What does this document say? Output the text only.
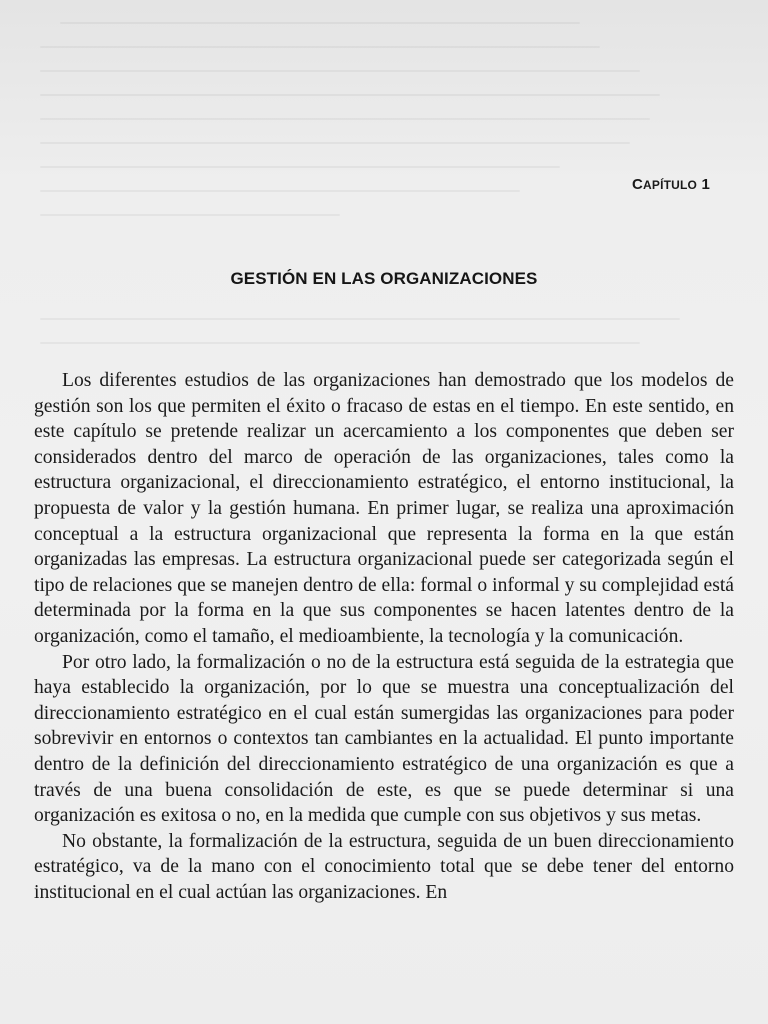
CAPÍTULO 1
GESTIÓN EN LAS ORGANIZACIONES

Los diferentes estudios de las organizaciones han demostrado que los modelos de gestión son los que permiten el éxito o fracaso de estas en el tiempo. En este sentido, en este capítulo se pretende realizar un acercamiento a los componentes que deben ser considerados dentro del marco de operación de las organizaciones, tales como la estructura organizacional, el direccionamiento estratégico, el entorno institucional, la propuesta de valor y la gestión humana. En primer lugar, se realiza una aproximación conceptual a la estructura organizacional que representa la forma en la que están organizadas las empresas. La estructura organizacional puede ser categorizada según el tipo de relaciones que se manejen dentro de ella: formal o informal y su complejidad está determinada por la forma en la que sus componentes se hacen latentes dentro de la organización, como el tamaño, el medioambiente, la tecnología y la comunicación.

Por otro lado, la formalización o no de la estructura está seguida de la estrategia que haya establecido la organización, por lo que se muestra una conceptualización del direccionamiento estratégico en el cual están sumergidas las organizaciones para poder sobrevivir en entornos o contextos tan cambiantes en la actualidad. El punto importante dentro de la definición del direccionamiento estratégico de una organización es que a través de una buena consolidación de este, es que se puede determinar si una organización es exitosa o no, en la medida que cumple con sus objetivos y sus metas.

No obstante, la formalización de la estructura, seguida de un buen direccionamiento estratégico, va de la mano con el conocimiento total que se debe tener del entorno institucional en el cual actúan las organizaciones. En
